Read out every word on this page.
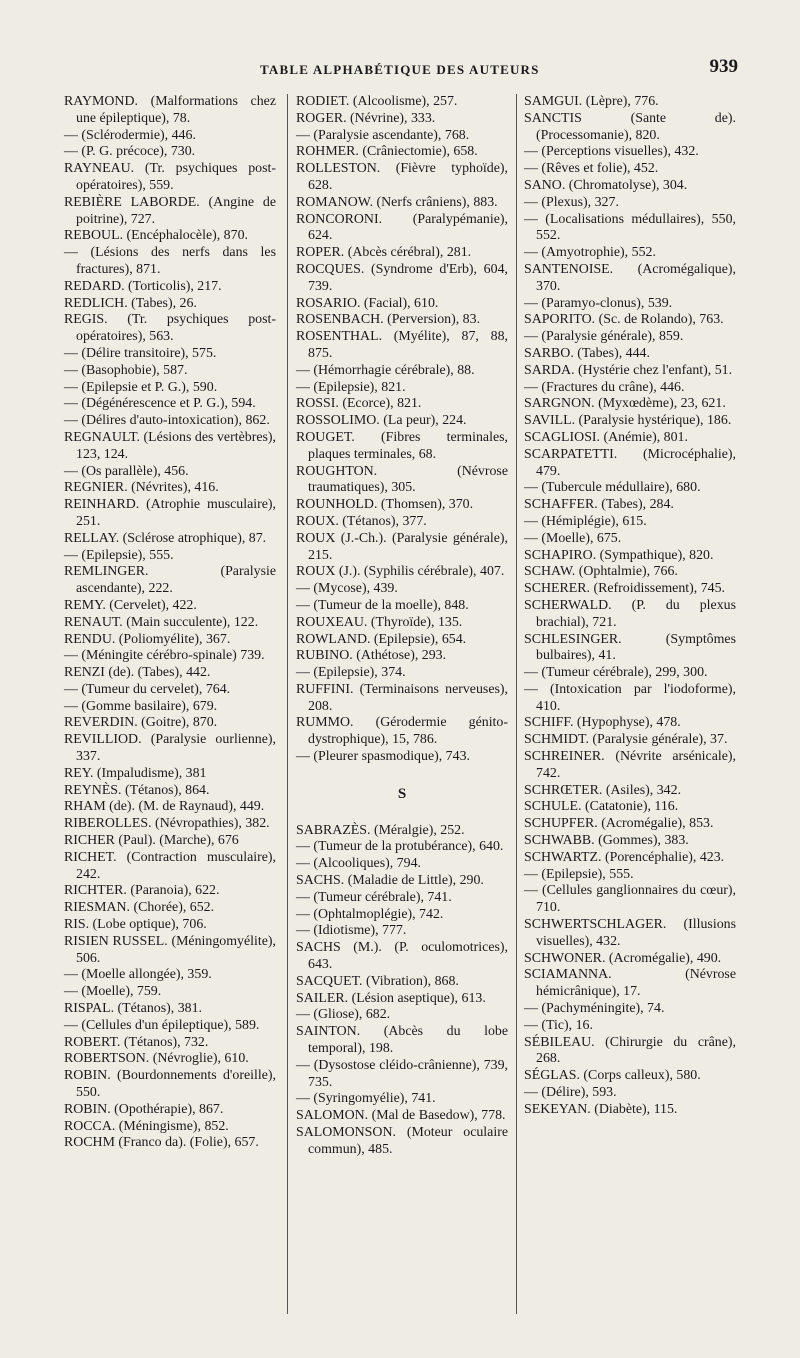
TABLE ALPHABÉTIQUE DES AUTEURS	939

RAYMOND. (Malformations chez une épileptique), 78.

— (Sclérodermie), 446.

— (P. G. précoce), 730.

RAYNEAU. (Tr. psychiques post-opératoires), 559.

REBIÈRE LABORDE. (Angine de poitrine), 727.

REBOUL. (Encéphalocèle), 870.

— (Lésions des nerfs dans les fractures), 871.

REDARD. (Torticolis), 217.

REDLICH. (Tabes), 26.

REGIS. (Tr. psychiques post-opératoires), 563.

— (Délire transitoire), 575.

— (Basophobie), 587.

— (Epilepsie et P. G.), 590.

— (Dégénérescence et P. G.), 594.

— (Délires d'auto-intoxication), 862.

REGNAULT. (Lésions des vertèbres), 123, 124.

— (Os parallèle), 456.

REGNIER. (Névrites), 416.

REINHARD. (Atrophie musculaire), 251.

RELLAY. (Sclérose atrophique), 87.

— (Epilepsie), 555.

REMLINGER. (Paralysie ascendante), 222.

REMY. (Cervelet), 422.

RENAUT. (Main succulente), 122.

RENDU. (Poliomyélite), 367.

— (Méningite cérébro-spinale) 739.

RENZI (de). (Tabes), 442.

— (Tumeur du cervelet), 764.

— (Gomme basilaire), 679.

REVERDIN. (Goitre), 870.

REVILLIOD. (Paralysie ourlienne), 337.

REY. (Impaludisme), 381

REYNÈS. (Tétanos), 864.

RHAM (de). (M. de Raynaud), 449.

RIBEROLLES. (Névropathies), 382.

RICHER (Paul). (Marche), 676

RICHET. (Contraction musculaire), 242.

RICHTER. (Paranoia), 622.

RIESMAN. (Chorée), 652.

RIS. (Lobe optique), 706.

RISIEN RUSSEL. (Méningomyélite), 506.

— (Moelle allongée), 359.

— (Moelle), 759.

RISPAL. (Tétanos), 381.

— (Cellules d'un épileptique), 589.

ROBERT. (Tétanos), 732.

ROBERTSON. (Névroglie), 610.

ROBIN. (Bourdonnements d'oreille), 550.

ROBIN. (Opothérapie), 867.

ROCCA. (Méningisme), 852.

ROCHM (Franco da). (Folie), 657.

RODIET. (Alcoolisme), 257.

ROGER. (Névrine), 333.

— (Paralysie ascendante), 768.

ROHMER. (Crâniectomie), 658.

ROLLESTON. (Fièvre typhoïde), 628.

ROMANOW. (Nerfs crâniens), 883.

RONCORONI. (Paralypémanie), 624.

ROPER. (Abcès cérébral), 281.

ROCQUES. (Syndrome d'Erb), 604, 739.

ROSARIO. (Facial), 610.

ROSENBACH. (Perversion), 83.

ROSENTHAL. (Myélite), 87, 88, 875.

— (Hémorrhagie cérébrale), 88.

— (Epilepsie), 821.

ROSSI. (Ecorce), 821.

ROSSOLIMO. (La peur), 224.

ROUGET. (Fibres terminales, plaques terminales, 68.

ROUGHTON. (Névrose traumatiques), 305.

ROUNHOLD. (Thomsen), 370.

ROUX. (Tétanos), 377.

ROUX (J.-Ch.). (Paralysie générale), 215.

ROUX (J.). (Syphilis cérébrale), 407.

— (Mycose), 439.

— (Tumeur de la moelle), 848.

ROUXEAU. (Thyroïde), 135.

ROWLAND. (Epilepsie), 654.

RUBINO. (Athétose), 293.

— (Epilepsie), 374.

RUFFINI. (Terminaisons nerveuses), 208.

RUMMO. (Gérodermie génito-dystrophique), 15, 786.

— (Pleurer spasmodique), 743.

S

SABRAZÈS. (Méralgie), 252.

— (Tumeur de la protubérance), 640.

— (Alcooliques), 794.

SACHS. (Maladie de Little), 290.

— (Tumeur cérébrale), 741.

— (Ophtalmoplégie), 742.

— (Idiotisme), 777.

SACHS (M.). (P. oculomotrices), 643.

SACQUET. (Vibration), 868.

SAILER. (Lésion aseptique), 613.

— (Gliose), 682.

SAINTON. (Abcès du lobe temporal), 198.

— (Dysostose cléido-crânienne), 739, 735.

— (Syringomyélie), 741.

SALOMON. (Mal de Basedow), 778.

SALOMONSON. (Moteur oculaire commun), 485.

SAMGUI. (Lèpre), 776.

SANCTIS (Sante de). (Processomanie), 820.

— (Perceptions visuelles), 432.

— (Rêves et folie), 452.

SANO. (Chromatolyse), 304.

— (Plexus), 327.

— (Localisations médullaires), 550, 552.

— (Amyotrophie), 552.

SANTENOISE. (Acromégalique), 370.

— (Paramyo-clonus), 539.

SAPORITO. (Sc. de Rolando), 763.

— (Paralysie générale), 859.

SARBO. (Tabes), 444.

SARDA. (Hystérie chez l'enfant), 51.

— (Fractures du crâne), 446.

SARGNON. (Myxœdème), 23, 621.

SAVILL. (Paralysie hystérique), 186.

SCAGLIOSI. (Anémie), 801.

SCARPATETTI. (Microcéphalie), 479.

— (Tubercule médullaire), 680.

SCHAFFER. (Tabes), 284.

— (Hémiplégie), 615.

— (Moelle), 675.

SCHAPIRO. (Sympathique), 820.

SCHAW. (Ophtalmie), 766.

SCHERER. (Refroidissement), 745.

SCHERWALD. (P. du plexus brachial), 721.

SCHLESINGER. (Symptômes bulbaires), 41.

— (Tumeur cérébrale), 299, 300.

— (Intoxication par l'iodoforme), 410.

SCHIFF. (Hypophyse), 478.

SCHMIDT. (Paralysie générale), 37.

SCHREINER. (Névrite arsénicale), 742.

SCHRŒTER. (Asiles), 342.

SCHULE. (Catatonie), 116.

SCHUPFER. (Acromégalie), 853.

SCHWABB. (Gommes), 383.

SCHWARTZ. (Porencéphalie), 423.

— (Epilepsie), 555.

— (Cellules ganglionnaires du cœur), 710.

SCHWERTSCHLAGER. (Illusions visuelles), 432.

SCHWONER. (Acromégalie), 490.

SCIAMANNA. (Névrose hémicrânique), 17.

— (Pachyméningite), 74.

— (Tic), 16.

SÉBILEAU. (Chirurgie du crâne), 268.

SÉGLAS. (Corps calleux), 580.

— (Délire), 593.

SEKEYAN. (Diabète), 115.
